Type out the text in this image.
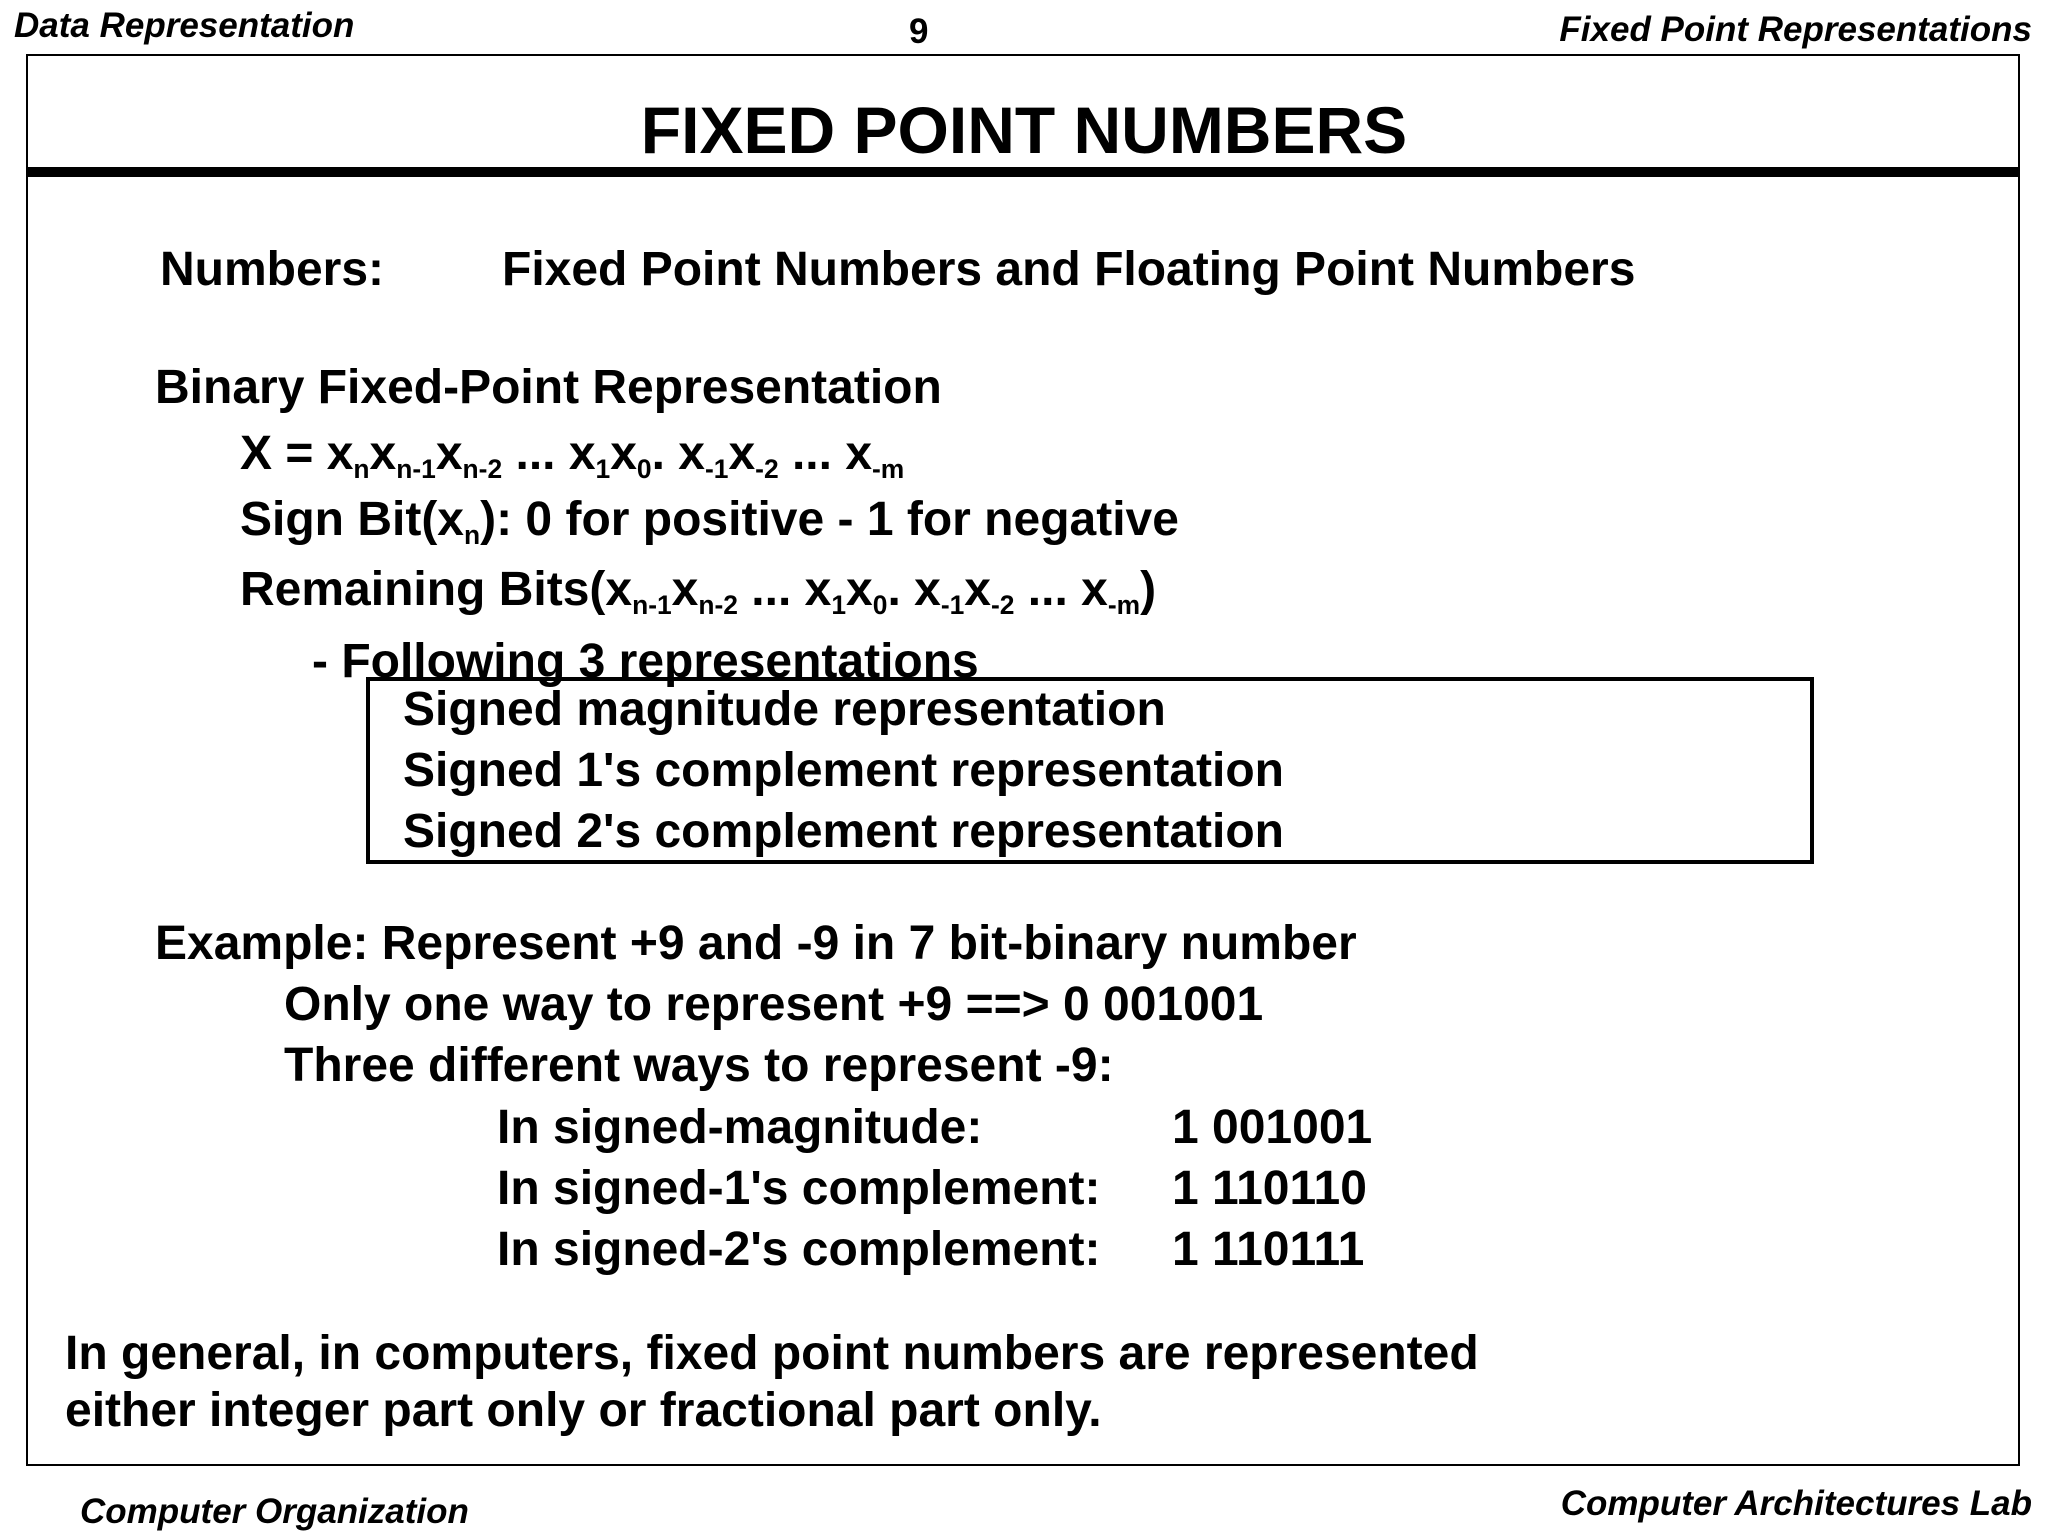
Data Representation	9	Fixed Point Representations
FIXED POINT NUMBERS
Numbers: Fixed Point Numbers and Floating Point Numbers
Binary Fixed-Point Representation
$X = x_nx_{n-1}x_{n-2}$ ... $x_1x_0$. $x_{-1}x_{-2}$ ... $x_{-m}$
Sign $Bit(x_n)$: 0 for positive - 1 for negative
Remaining $Bits(x_{n-1}x_{n-2}$ ... $x_1x_0$. $x_{-1}x_{-2}$ ... $x_{-m}$)
- Following 3 representations
Signed magnitude representation
Signed 1's complement representation
Signed 2's complement representation
Example: Represent +9 and -9 in 7 bit-binary number
Only one way to represent +9 ==> 0 001001
Three different ways to represent -9:
In signed-magnitude:	1 001001
In signed-1's complement: 1 110110
In signed-2's complement: 1 110111
In general, in computers, fixed point numbers are represented
either integer part only or fractional part only.
Computer Organization	Computer Architectures Lab
